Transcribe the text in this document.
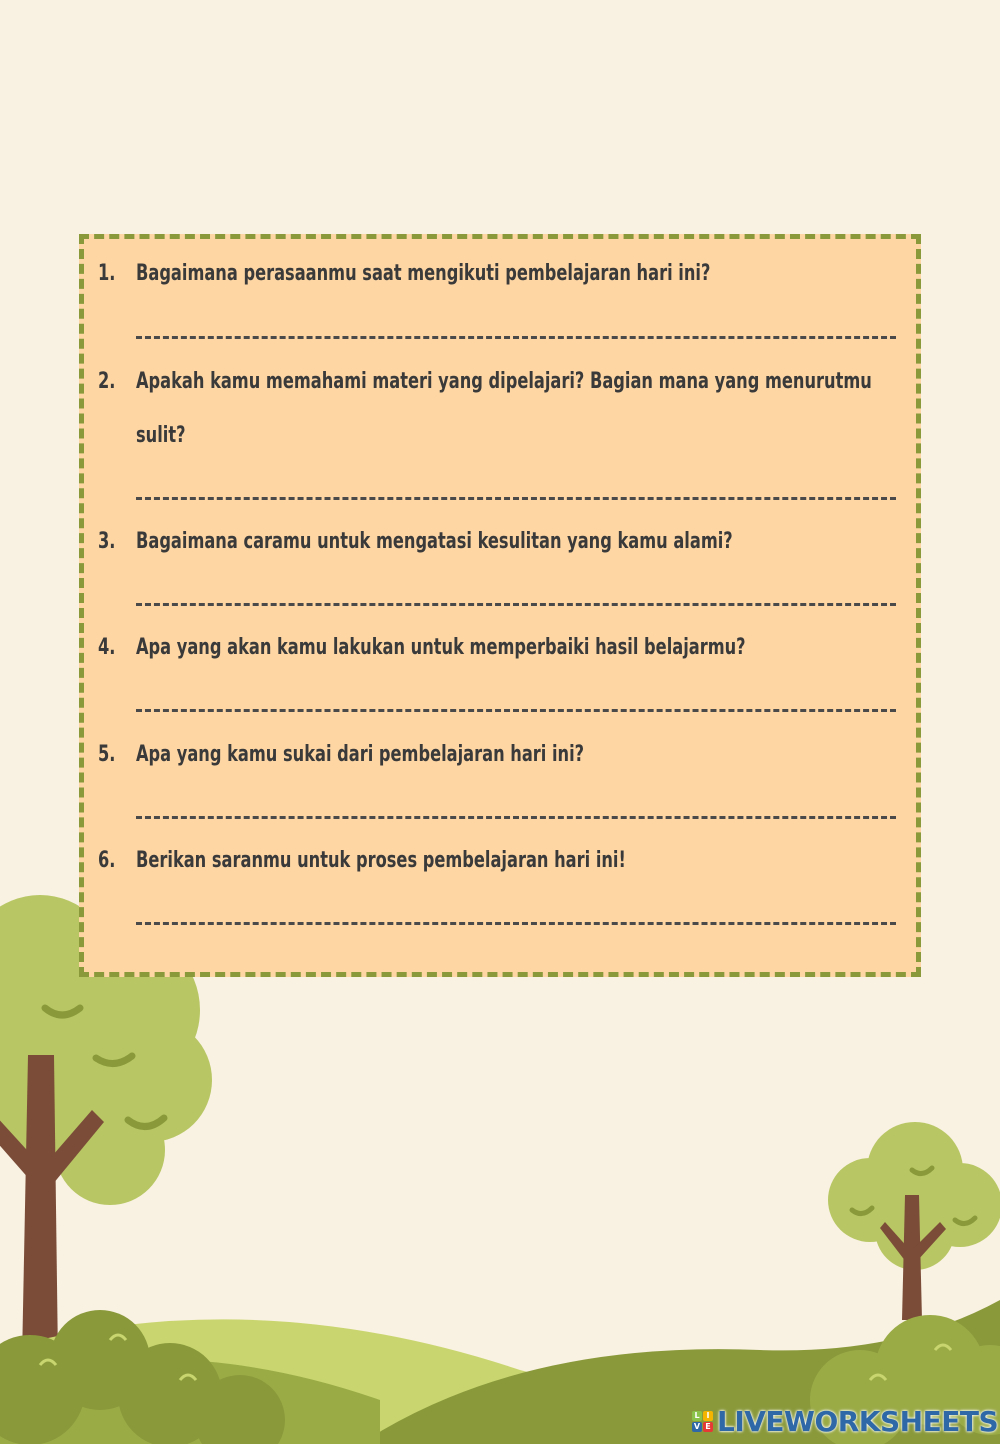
1. Bagaimana perasaanmu saat mengikuti pembelajaran hari ini?
2. Apakah kamu memahami materi yang dipelajari? Bagian mana yang menurutmu sulit?
3. Bagaimana caramu untuk mengatasi kesulitan yang kamu alami?
4. Apa yang akan kamu lakukan untuk memperbaiki hasil belajarmu?
5. Apa yang kamu sukai dari pembelajaran hari ini?
6. Berikan saranmu untuk proses pembelajaran hari ini!
L I
V E LIVEWORKSHEETS
